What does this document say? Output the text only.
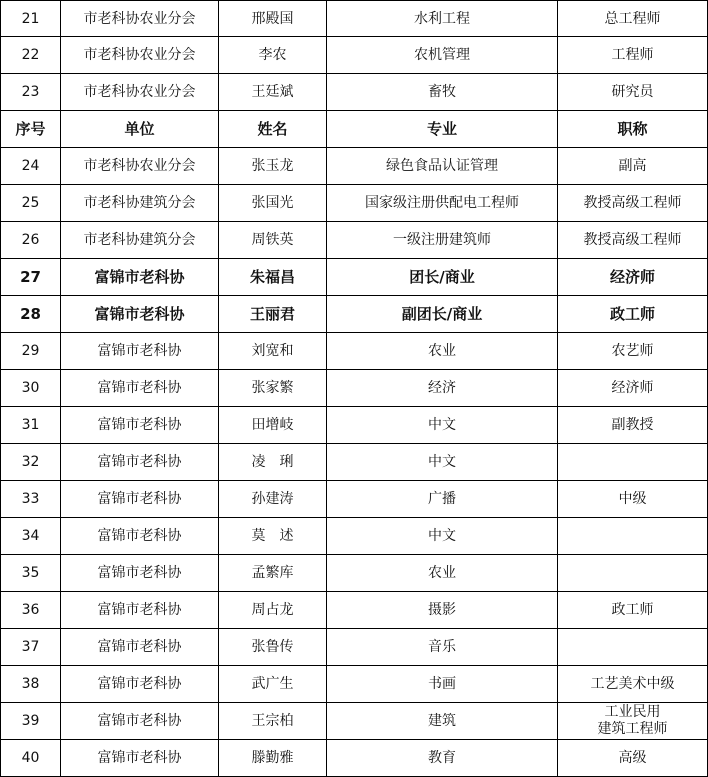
21	市老科协农业分会	邢殿国	水利工程	总工程师
22	市老科协农业分会	李农	农机管理	工程师
23	市老科协农业分会	王廷斌	畜牧	研究员
序号	单位	姓名	专业	职称
24	市老科协农业分会	张玉龙	绿色食品认证管理	副高
25	市老科协建筑分会	张国光	国家级注册供配电工程师	教授高级工程师
26	市老科协建筑分会	周铁英	一级注册建筑师	教授高级工程师
27	富锦市老科协	朱福昌	团长/商业	经济师
28	富锦市老科协	王丽君	副团长/商业	政工师
29	富锦市老科协	刘宽和	农业	农艺师
30	富锦市老科协	张家繁	经济	经济师
31	富锦市老科协	田增岐	中文	副教授
32	富锦市老科协	凌　琍	中文	
33	富锦市老科协	孙建涛	广播	中级
34	富锦市老科协	莫　述	中文	
35	富锦市老科协	孟繁库	农业	
36	富锦市老科协	周占龙	摄影	政工师
37	富锦市老科协	张鲁传	音乐	
38	富锦市老科协	武广生	书画	工艺美术中级
39	富锦市老科协	王宗柏	建筑	工业民用
建筑工程师
40	富锦市老科协	滕勤雅	教育	高级
